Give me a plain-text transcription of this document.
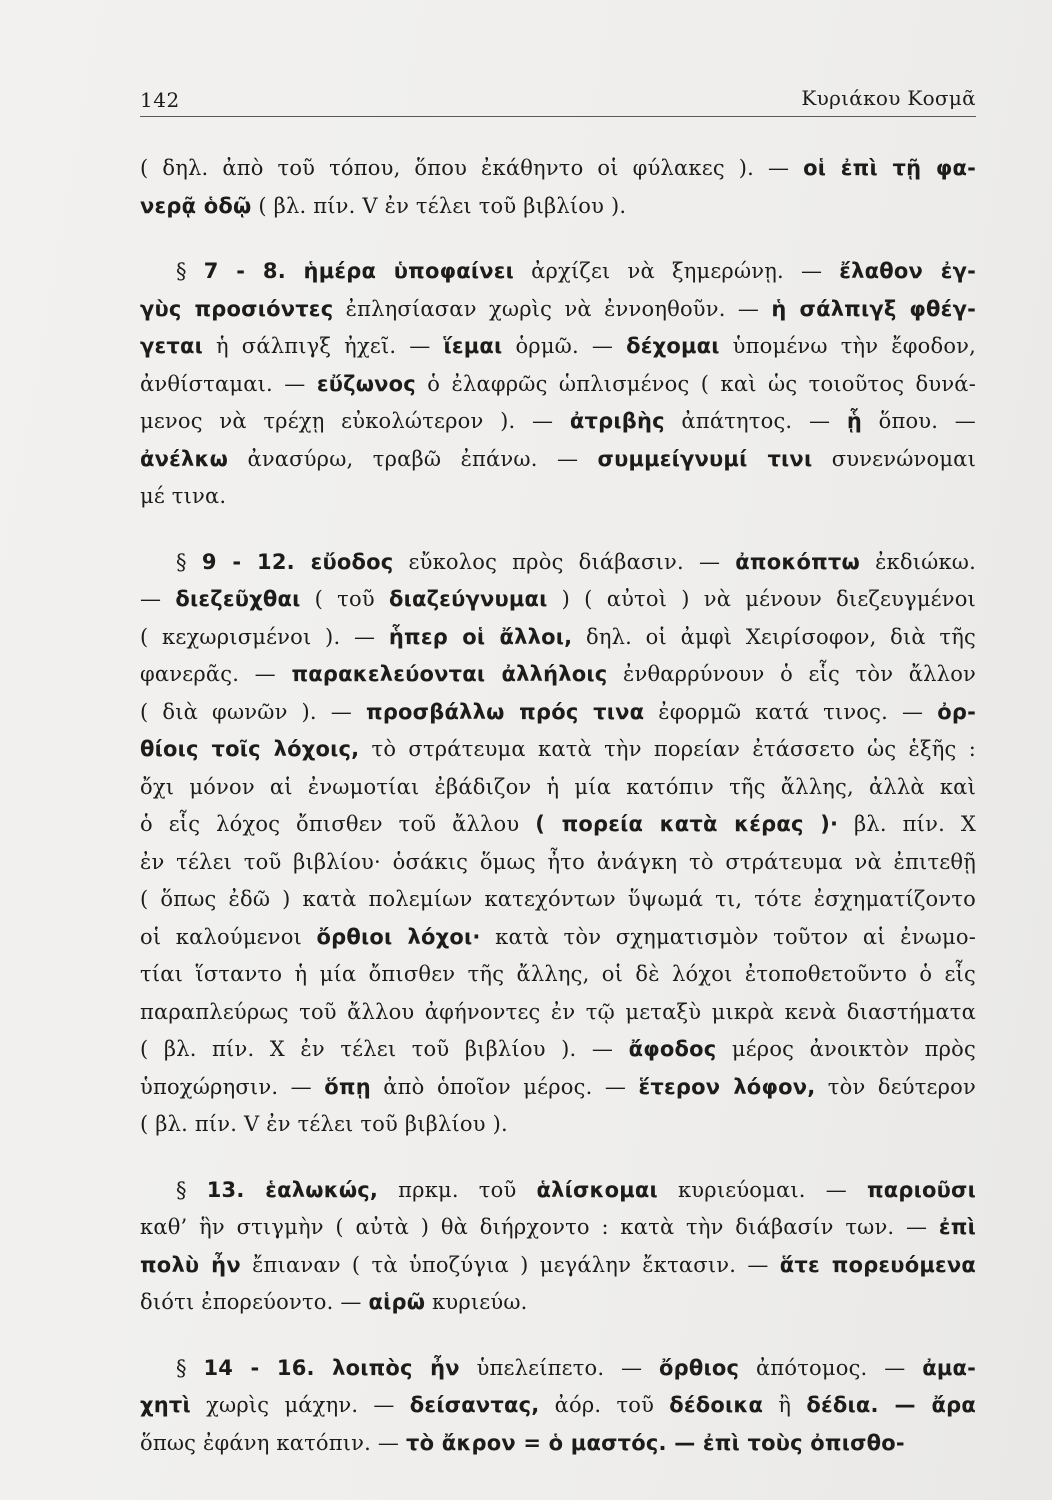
142	Κυριάκου Κοσμᾶ
( δηλ. ἀπὸ τοῦ τόπου, ὅπου ἐκάθηντο οἱ φύλακες ). — οἱ ἐπὶ τῇ φα-
νερᾷ ὁδῷ ( βλ. πίν. V ἐν τέλει τοῦ βιβλίου ).
§ 7 - 8. ἡμέρα ὑποφαίνει ἀρχίζει νὰ ξημερώνῃ. — ἔλαθον ἐγ-
γὺς προσιόντες ἐπλησίασαν χωρὶς νὰ ἐννοηθοῦν. — ἡ σάλπιγξ φθέγ-
γεται ἡ σάλπιγξ ἠχεῖ. — ἵεμαι ὁρμῶ. — δέχομαι ὑπομένω τὴν ἔφοδον,
ἀνθίσταμαι. — εὔζωνος ὁ ἐλαφρῶς ὡπλισμένος ( καὶ ὡς τοιοῦτος δυνά-
μενος νὰ τρέχῃ εὐκολώτερον ). — ἀτριβὴς ἀπάτητος. — ᾗ ὅπου. —
ἀνέλκω ἀνασύρω, τραβῶ ἐπάνω. — συμμείγνυμί τινι συνενώνομαι
μέ τινα.
§ 9 - 12. εὔοδος εὔκολος πρὸς διάβασιν. — ἀποκόπτω ἐκδιώκω.
— διεζεῦχθαι ( τοῦ διαζεύγνυμαι ) ( αὐτοὶ ) νὰ μένουν διεζευγμένοι
( κεχωρισμένοι ). — ἧπερ οἱ ἄλλοι, δηλ. οἱ ἀμφὶ Χειρίσοφον, διὰ τῆς
φανερᾶς. — παρακελεύονται ἀλλήλοις ἐνθαρρύνουν ὁ εἷς τὸν ἄλλον
( διὰ φωνῶν ). — προσβάλλω πρός τινα ἐφορμῶ κατά τινος. — ὀρ-
θίοις τοῖς λόχοις, τὸ στράτευμα κατὰ τὴν πορείαν ἐτάσσετο ὡς ἑξῆς :
ὄχι μόνον αἱ ἐνωμοτίαι ἐβάδιζον ἡ μία κατόπιν τῆς ἄλλης, ἀλλὰ καὶ
ὁ εἷς λόχος ὄπισθεν τοῦ ἄλλου ( πορεία κατὰ κέρας )· βλ. πίν. Χ
ἐν τέλει τοῦ βιβλίου· ὁσάκις ὅμως ἦτο ἀνάγκη τὸ στράτευμα νὰ ἐπιτεθῇ
( ὅπως ἐδῶ ) κατὰ πολεμίων κατεχόντων ὕψωμά τι, τότε ἐσχηματίζοντο
οἱ καλούμενοι ὄρθιοι λόχοι· κατὰ τὸν σχηματισμὸν τοῦτον αἱ ἐνωμο-
τίαι ἵσταντο ἡ μία ὄπισθεν τῆς ἄλλης, οἱ δὲ λόχοι ἐτοποθετοῦντο ὁ εἷς
παραπλεύρως τοῦ ἄλλου ἀφήνοντες ἐν τῷ μεταξὺ μικρὰ κενὰ διαστήματα
( βλ. πίν. Χ ἐν τέλει τοῦ βιβλίου ). — ἄφοδος μέρος ἀνοικτὸν πρὸς
ὑποχώρησιν. — ὅπῃ ἀπὸ ὁποῖον μέρος. — ἕτερον λόφον, τὸν δεύτερον
( βλ. πίν. V ἐν τέλει τοῦ βιβλίου ).
§ 13. ἑαλωκώς, πρκμ. τοῦ ἁλίσκομαι κυριεύομαι. — παριοῦσι
καθ’ ἣν στιγμὴν ( αὐτὰ ) θὰ διήρχοντο : κατὰ τὴν διάβασίν των. — ἐπὶ
πολὺ ἦν ἔπιαναν ( τὰ ὑποζύγια ) μεγάλην ἔκτασιν. — ἅτε πορευόμενα
διότι ἐπορεύοντο. — αἱρῶ κυριεύω.
§ 14 - 16. λοιπὸς ἦν ὑπελείπετο. — ὄρθιος ἀπότομος. — ἀμα-
χητὶ χωρὶς μάχην. — δείσαντας, ἀόρ. τοῦ δέδοικα ἢ δέδια. — ἄρα
ὅπως ἐφάνη κατόπιν. — τὸ ἄκρον = ὁ μαστός. — ἐπὶ τοὺς ὀπισθο-
